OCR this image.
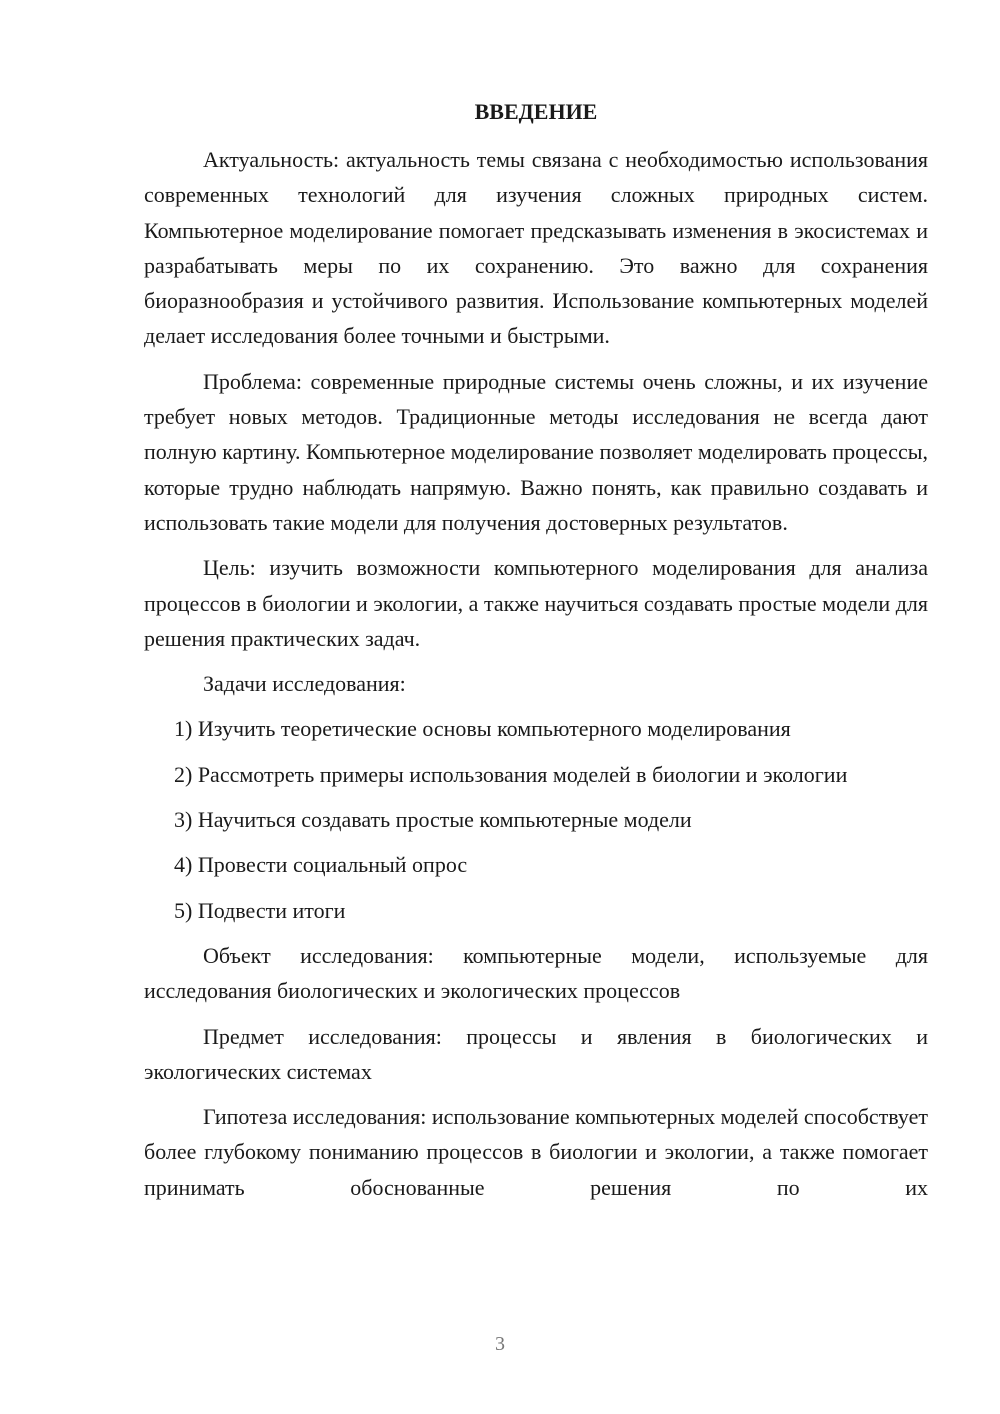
ВВЕДЕНИЕ

Актуальность: актуальность темы связана с необходимостью использования современных технологий для изучения сложных природных систем. Компьютерное моделирование помогает предсказывать изменения в экосистемах и разрабатывать меры по их сохранению. Это важно для сохранения биоразнообразия и устойчивого развития. Использование компьютерных моделей делает исследования более точными и быстрыми.

Проблема: современные природные системы очень сложны, и их изучение требует новых методов. Традиционные методы исследования не всегда дают полную картину. Компьютерное моделирование позволяет моделировать процессы, которые трудно наблюдать напрямую. Важно понять, как правильно создавать и использовать такие модели для получения достоверных результатов.

Цель: изучить возможности компьютерного моделирования для анализа процессов в биологии и экологии, а также научиться создавать простые модели для решения практических задач.

Задачи исследования:

1) Изучить теоретические основы компьютерного моделирования

2) Рассмотреть примеры использования моделей в биологии и экологии

3) Научиться создавать простые компьютерные модели

4) Провести социальный опрос

5) Подвести итоги

Объект исследования: компьютерные модели, используемые для исследования биологических и экологических процессов

Предмет исследования: процессы и явления в биологических и экологических системах

Гипотеза исследования: использование компьютерных моделей способствует более глубокому пониманию процессов в биологии и экологии, а также помогает принимать обоснованные решения по их

3
